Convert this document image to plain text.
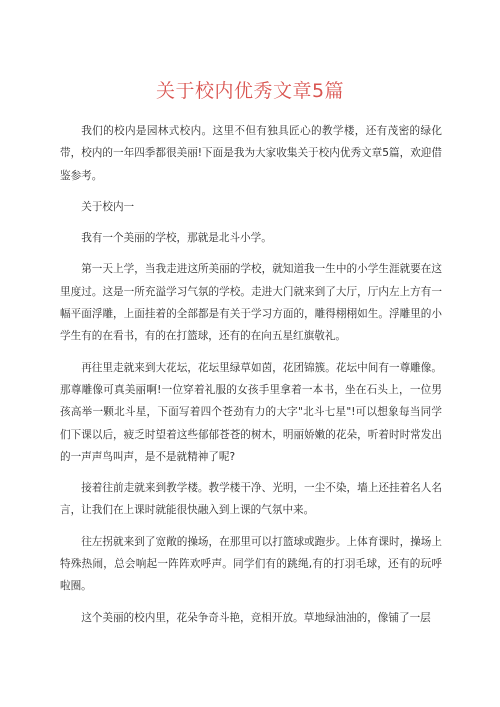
关于校内优秀文章5篇

我们的校内是园林式校内。这里不但有独具匠心的教学楼，还有茂密的绿化带，校内的一年四季都很美丽!下面是我为大家收集关于校内优秀文章5篇，欢迎借鉴参考。

关于校内一

我有一个美丽的学校，那就是北斗小学。

第一天上学，当我走进这所美丽的学校，就知道我一生中的小学生涯就要在这里度过。这是一所充溢学习气氛的学校。走进大门就来到了大厅，厅内左上方有一幅平面浮雕，上面挂着的全部都是有关于学习方面的，雕得栩栩如生。浮雕里的小学生有的在看书，有的在打篮球，还有的在向五星红旗敬礼。

再往里走就来到大花坛，花坛里绿草如茵，花团锦簇。花坛中间有一尊雕像。那尊雕像可真美丽啊!一位穿着礼服的女孩手里拿着一本书，坐在石头上，一位男孩高举一颗北斗星，下面写着四个苍劲有力的大字"北斗七星"!可以想象每当同学们下课以后，疲乏时望着这些郁郁苍苍的树木，明丽娇嫩的花朵，听着时时常发出的一声声鸟叫声，是不是就精神了呢?

接着往前走就来到教学楼。教学楼干净、光明，一尘不染，墙上还挂着名人名言，让我们在上课时就能很快融入到上课的气氛中来。

往左拐就来到了宽敞的操场，在那里可以打篮球或跑步。上体育课时，操场上特殊热闹，总会响起一阵阵欢呼声。同学们有的跳绳,有的打羽毛球，还有的玩呼啦圈。

这个美丽的校内里，花朵争奇斗艳，竞相开放。草地绿油油的，像铺了一层
